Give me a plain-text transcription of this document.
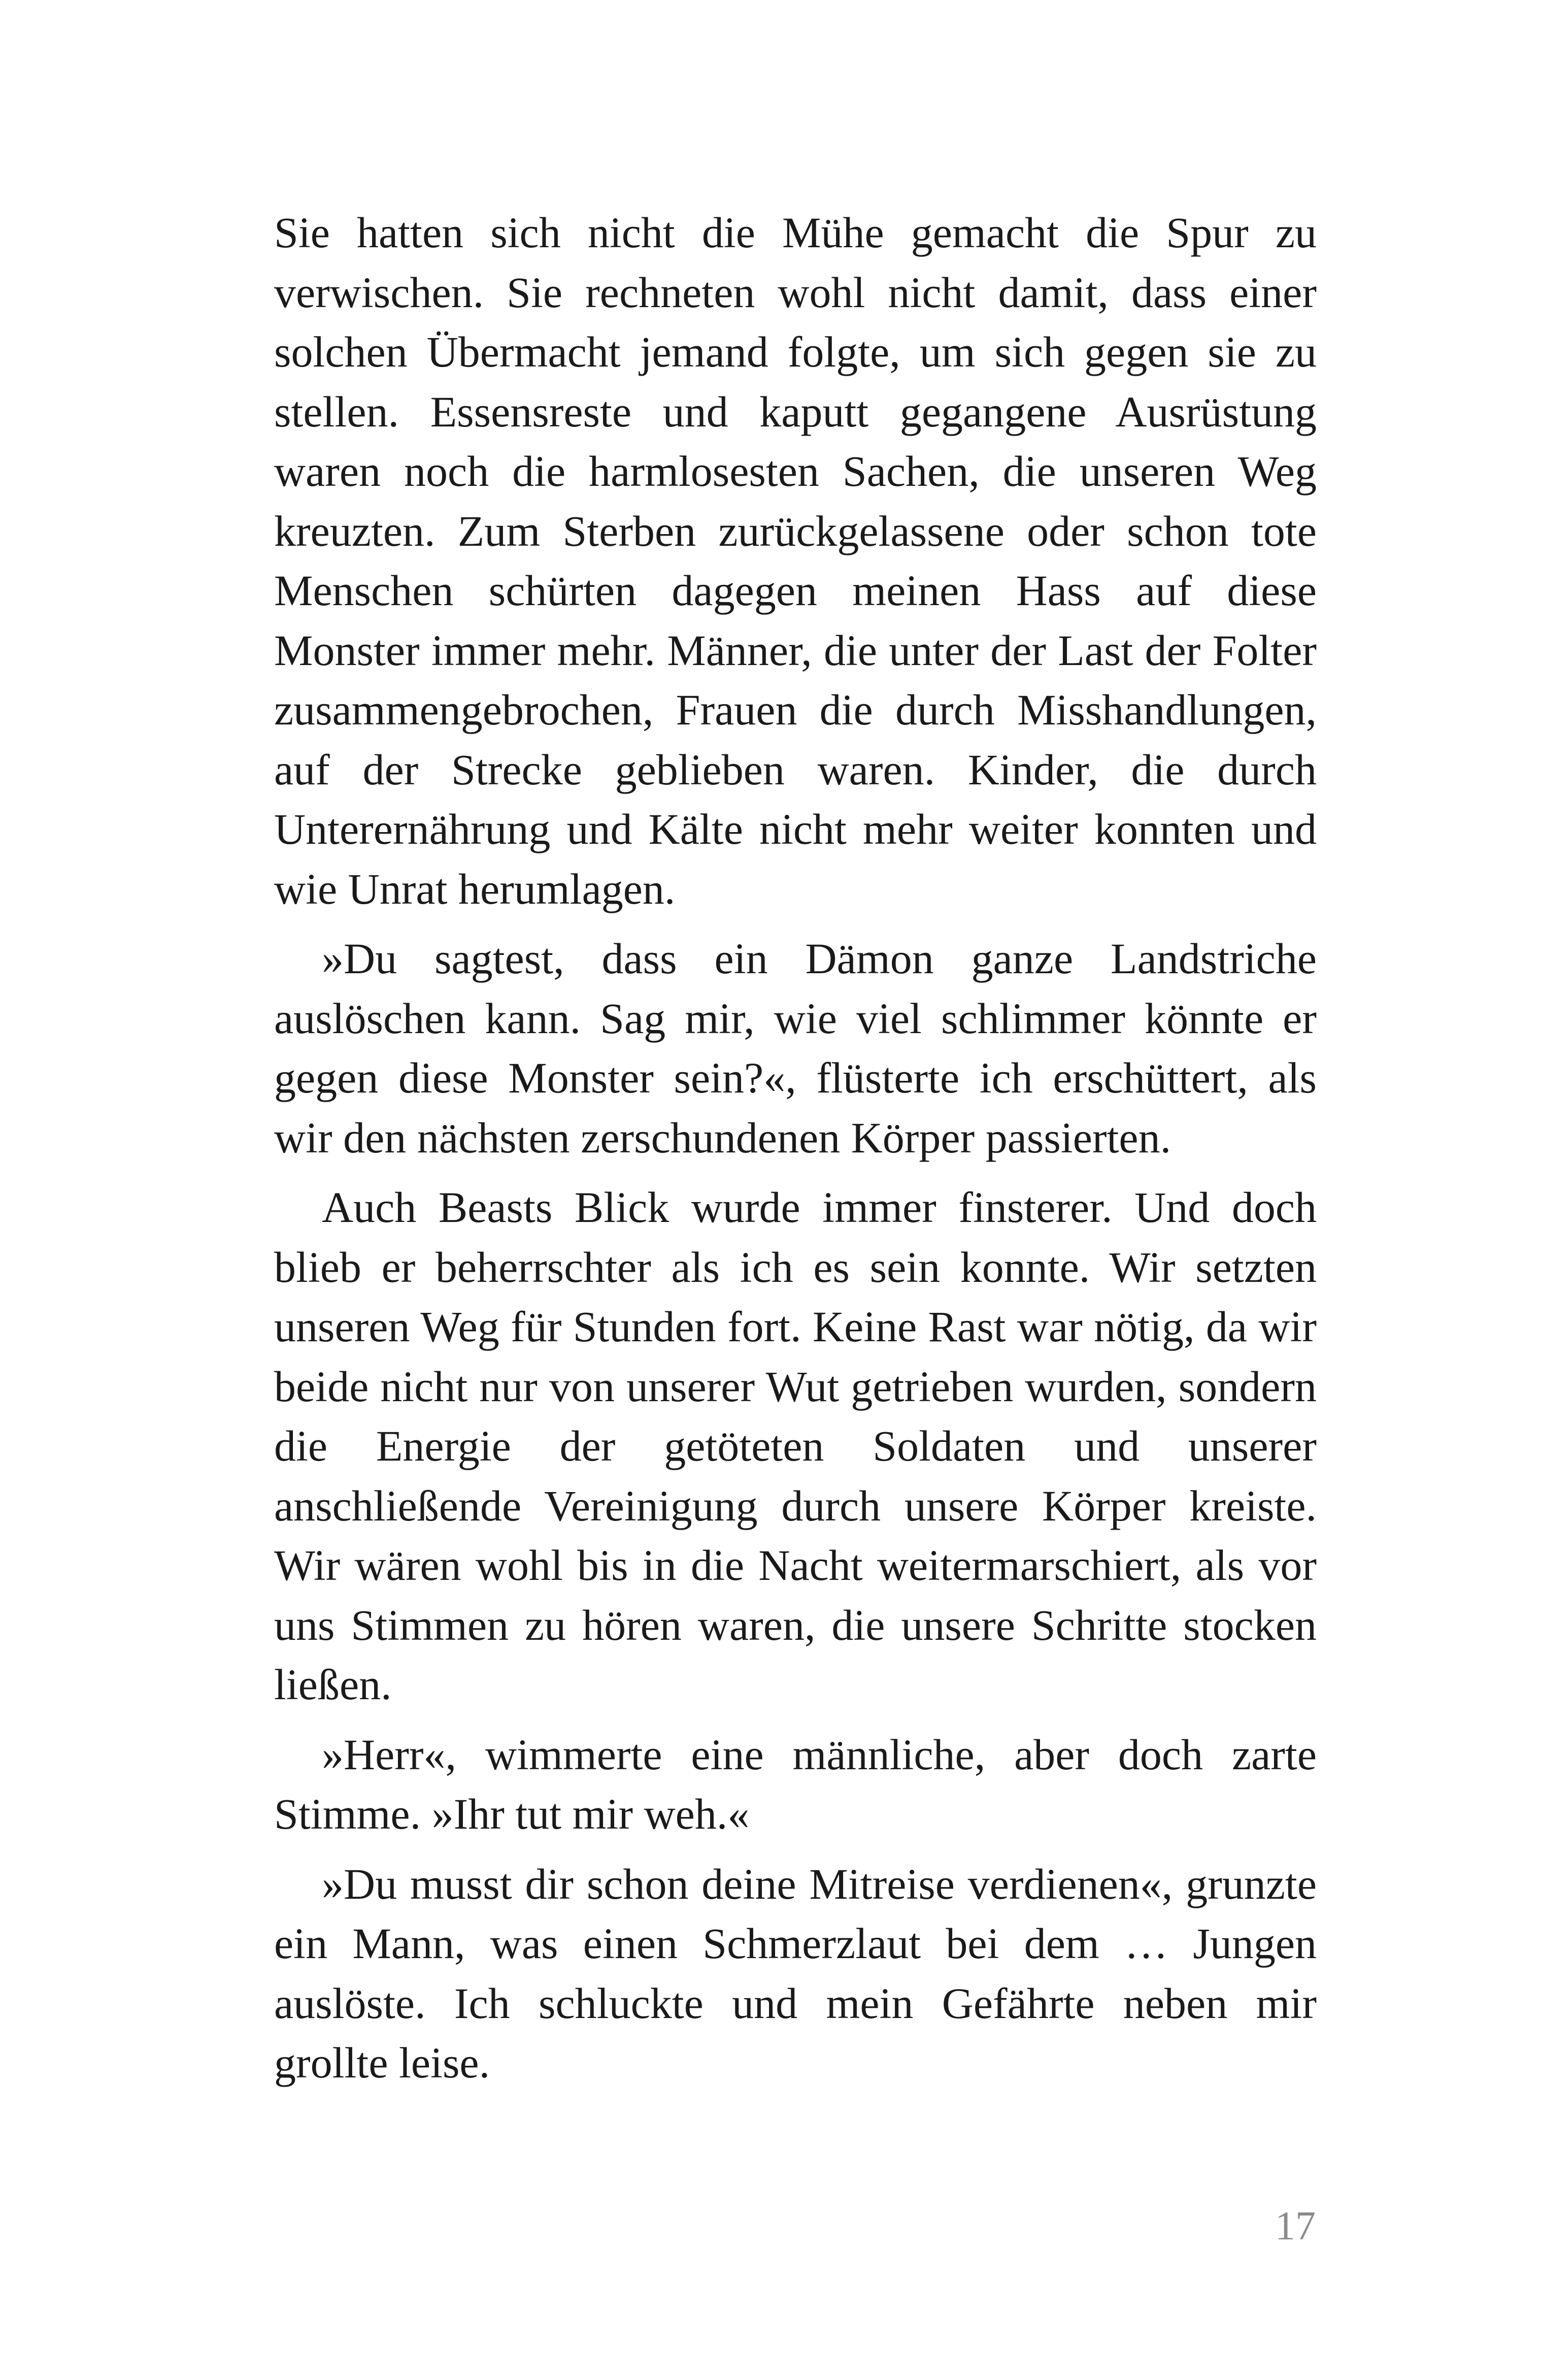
Sie hatten sich nicht die Mühe gemacht die Spur zu verwischen. Sie rechneten wohl nicht damit, dass einer solchen Übermacht jemand folgte, um sich gegen sie zu stellen. Essensreste und kaputt gegangene Ausrüstung waren noch die harmlosesten Sachen, die unseren Weg kreuzten. Zum Sterben zurückgelassene oder schon tote Menschen schürten dagegen meinen Hass auf diese Monster immer mehr. Männer, die unter der Last der Folter zusammengebrochen, Frauen die durch Misshandlungen, auf der Strecke geblieben waren. Kinder, die durch Unterernährung und Kälte nicht mehr weiter konnten und wie Unrat herumlagen.

»Du sagtest, dass ein Dämon ganze Landstriche auslöschen kann. Sag mir, wie viel schlimmer könnte er gegen diese Monster sein?«, flüsterte ich erschüttert, als wir den nächsten zerschundenen Körper passierten.

Auch Beasts Blick wurde immer finsterer. Und doch blieb er beherrschter als ich es sein konnte. Wir setzten unseren Weg für Stunden fort. Keine Rast war nötig, da wir beide nicht nur von unserer Wut getrieben wurden, sondern die Energie der getöteten Soldaten und unserer anschließende Vereinigung durch unsere Körper kreiste. Wir wären wohl bis in die Nacht weitermarschiert, als vor uns Stimmen zu hören waren, die unsere Schritte stocken ließen.

»Herr«, wimmerte eine männliche, aber doch zarte Stimme. »Ihr tut mir weh.«

»Du musst dir schon deine Mitreise verdienen«, grunzte ein Mann, was einen Schmerzlaut bei dem … Jungen auslöste. Ich schluckte und mein Gefährte neben mir grollte leise.

17
